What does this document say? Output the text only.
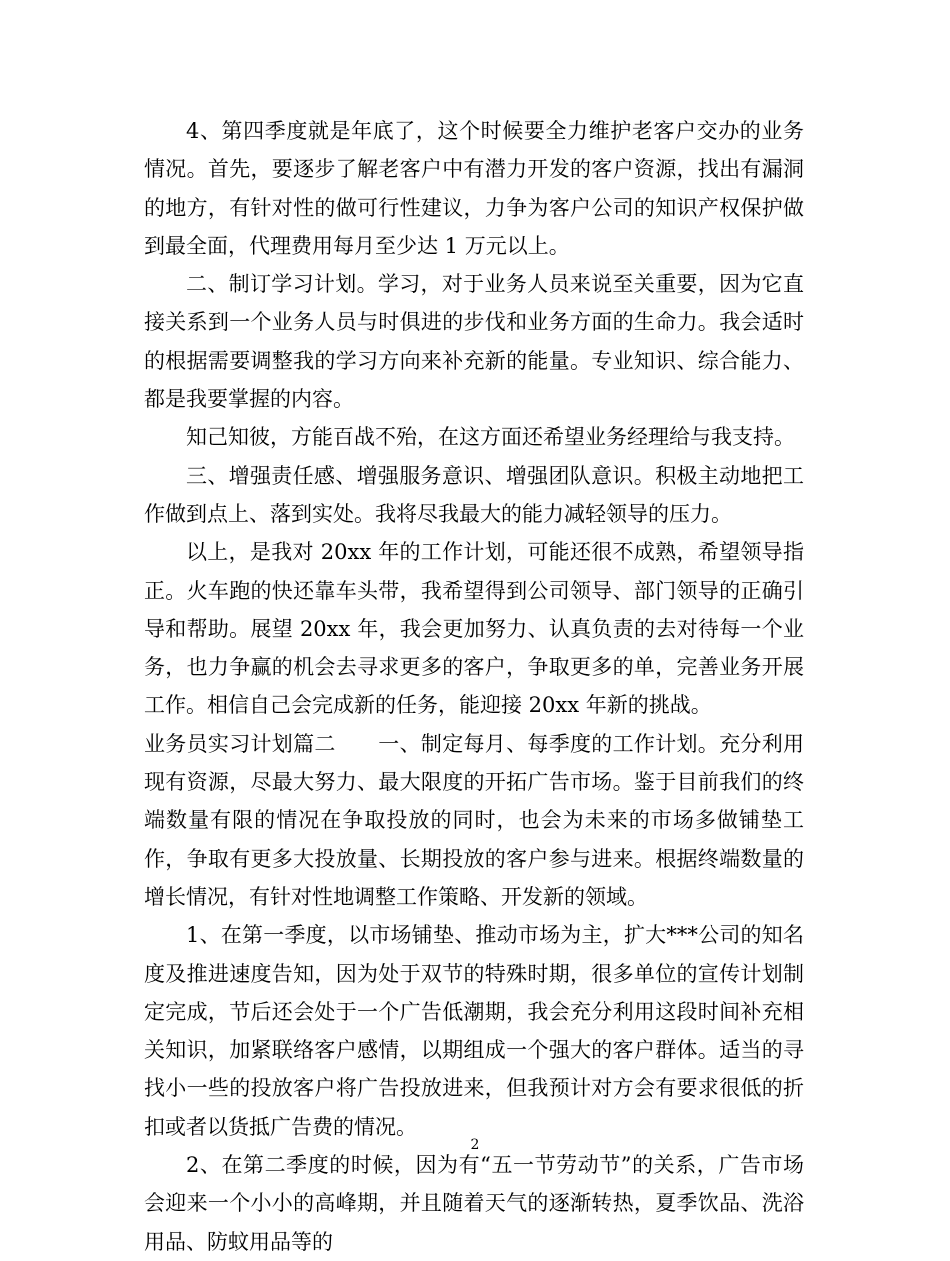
4、第四季度就是年底了，这个时候要全力维护老客户交办的业务情况。首先，要逐步了解老客户中有潜力开发的客户资源，找出有漏洞的地方，有针对性的做可行性建议，力争为客户公司的知识产权保护做到最全面，代理费用每月至少达 1 万元以上。

二、制订学习计划。学习，对于业务人员来说至关重要，因为它直接关系到一个业务人员与时俱进的步伐和业务方面的生命力。我会适时的根据需要调整我的学习方向来补充新的能量。专业知识、综合能力、都是我要掌握的内容。

知己知彼，方能百战不殆，在这方面还希望业务经理给与我支持。

三、增强责任感、增强服务意识、增强团队意识。积极主动地把工作做到点上、落到实处。我将尽我最大的能力减轻领导的压力。

以上，是我对 20xx 年的工作计划，可能还很不成熟，希望领导指正。火车跑的快还靠车头带，我希望得到公司领导、部门领导的正确引导和帮助。展望 20xx 年，我会更加努力、认真负责的去对待每一个业务，也力争赢的机会去寻求更多的客户，争取更多的单，完善业务开展工作。相信自己会完成新的任务，能迎接 20xx 年新的挑战。

业务员实习计划篇二　　一、制定每月、每季度的工作计划。充分利用现有资源，尽最大努力、最大限度的开拓广告市场。鉴于目前我们的终端数量有限的情况在争取投放的同时，也会为未来的市场多做铺垫工作，争取有更多大投放量、长期投放的客户参与进来。根据终端数量的增长情况，有针对性地调整工作策略、开发新的领域。

1、在第一季度，以市场铺垫、推动市场为主，扩大***公司的知名度及推进速度告知，因为处于双节的特殊时期，很多单位的宣传计划制定完成，节后还会处于一个广告低潮期，我会充分利用这段时间补充相关知识，加紧联络客户感情，以期组成一个强大的客户群体。适当的寻找小一些的投放客户将广告投放进来，但我预计对方会有要求很低的折扣或者以货抵广告费的情况。

2、在第二季度的时候，因为有“五一节劳动节”的关系，广告市场会迎来一个小小的高峰期，并且随着天气的逐渐转热，夏季饮品、洗浴用品、防蚊用品等的

2
